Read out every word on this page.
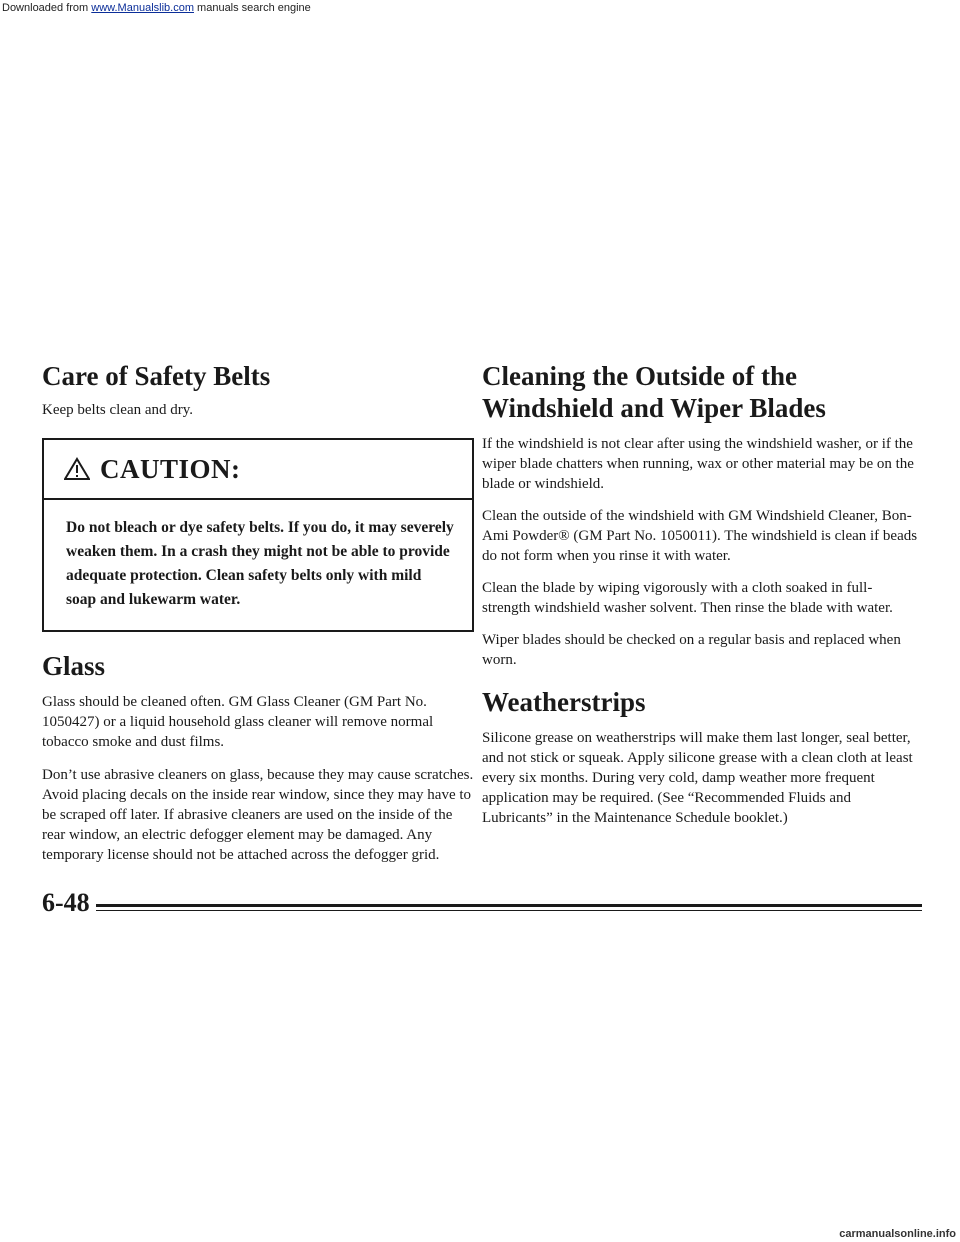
Downloaded from www.Manualslib.com manuals search engine
Care of Safety Belts

Keep belts clean and dry.

CAUTION:
Do not bleach or dye safety belts. If you do, it may severely weaken them. In a crash they might not be able to provide adequate protection. Clean safety belts only with mild soap and lukewarm water.
Glass

Glass should be cleaned often. GM Glass Cleaner (GM Part No. 1050427) or a liquid household glass cleaner will remove normal tobacco smoke and dust films.

Don’t use abrasive cleaners on glass, because they may cause scratches. Avoid placing decals on the inside rear window, since they may have to be scraped off later. If abrasive cleaners are used on the inside of the rear window, an electric defogger element may be damaged. Any temporary license should not be attached across the defogger grid.

Cleaning the Outside of the Windshield and Wiper Blades

If the windshield is not clear after using the windshield washer, or if the wiper blade chatters when running, wax or other material may be on the blade or windshield.

Clean the outside of the windshield with GM Windshield Cleaner, Bon-Ami Powder® (GM Part No. 1050011). The windshield is clean if beads do not form when you rinse it with water.

Clean the blade by wiping vigorously with a cloth soaked in full-strength windshield washer solvent. Then rinse the blade with water.

Wiper blades should be checked on a regular basis and replaced when worn.

Weatherstrips

Silicone grease on weatherstrips will make them last longer, seal better, and not stick or squeak. Apply silicone grease with a clean cloth at least every six months. During very cold, damp weather more frequent application may be required. (See “Recommended Fluids and Lubricants” in the Maintenance Schedule booklet.)

6-48
carmanualsonline.info
